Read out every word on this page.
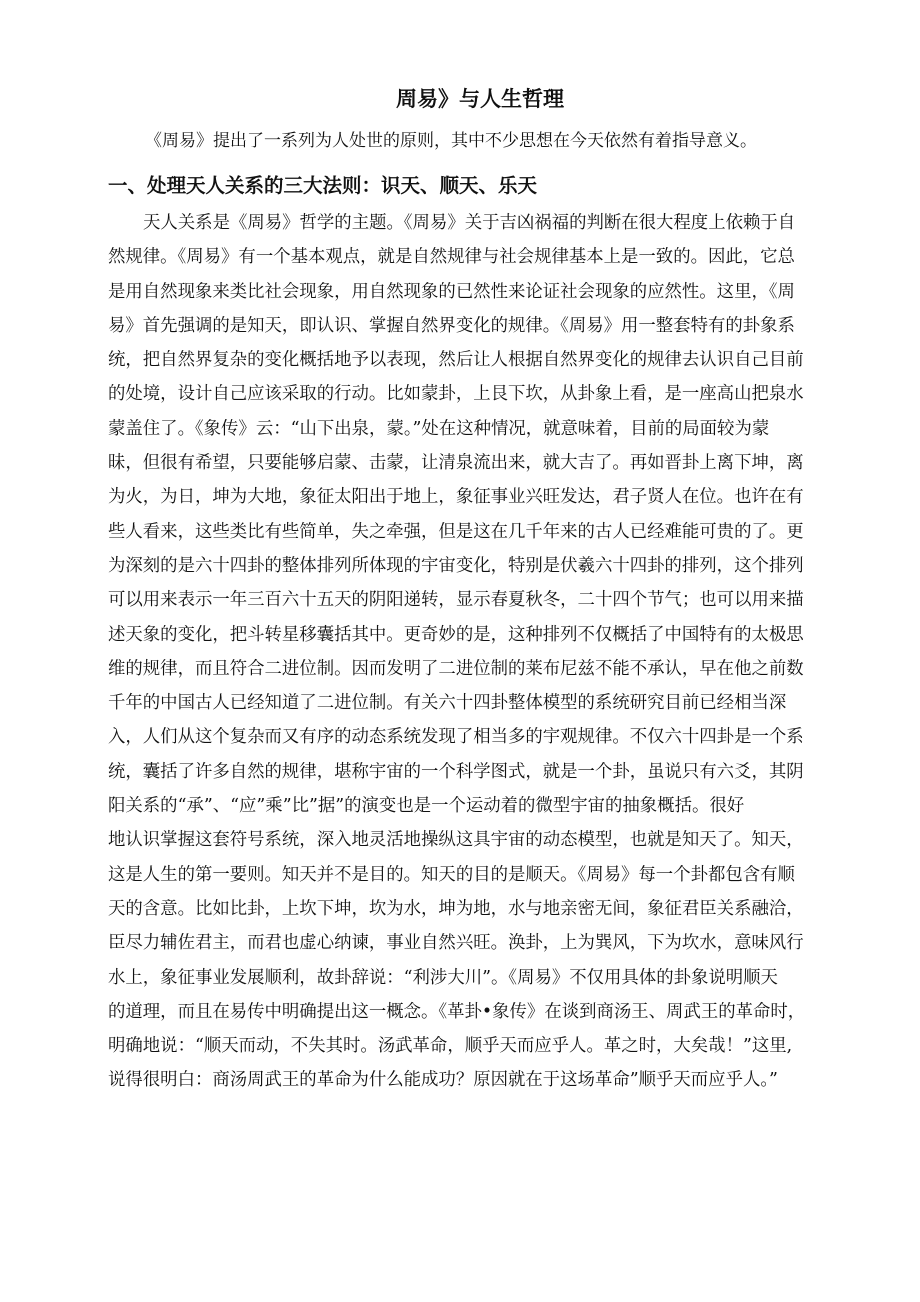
周易》与人生哲理

《周易》提出了一系列为人处世的原则，其中不少思想在今天依然有着指导意义。

一、处理天人关系的三大法则：识天、顺天、乐天
天人关系是《周易》哲学的主题。《周易》关于吉凶祸福的判断在很大程度上依赖于自
然规律。《周易》有一个基本观点，就是自然规律与社会规律基本上是一致的。因此，它总
是用自然现象来类比社会现象，用自然现象的已然性来论证社会现象的应然性。这里，《周
易》首先强调的是知天，即认识、掌握自然界变化的规律。《周易》用一整套特有的卦象系
统，把自然界复杂的变化概括地予以表现，然后让人根据自然界变化的规律去认识自己目前
的处境，设计自己应该采取的行动。比如蒙卦，上艮下坎，从卦象上看，是一座高山把泉水
蒙盖住了。《象传》云：“山下出泉，蒙。”处在这种情况，就意味着，目前的局面较为蒙
昧，但很有希望，只要能够启蒙、击蒙，让清泉流出来，就大吉了。再如晋卦上离下坤，离
为火，为日，坤为大地，象征太阳出于地上，象征事业兴旺发达，君子贤人在位。也许在有
些人看来，这些类比有些简单，失之牵强，但是这在几千年来的古人已经难能可贵的了。更
为深刻的是六十四卦的整体排列所体现的宇宙变化，特别是伏羲六十四卦的排列，这个排列
可以用来表示一年三百六十五天的阴阳递转，显示春夏秋冬，二十四个节气；也可以用来描
述天象的变化，把斗转星移囊括其中。更奇妙的是，这种排列不仅概括了中国特有的太极思
维的规律，而且符合二进位制。因而发明了二进位制的莱布尼兹不能不承认，早在他之前数
千年的中国古人已经知道了二进位制。有关六十四卦整体模型的系统研究目前已经相当深
入，人们从这个复杂而又有序的动态系统发现了相当多的宇观规律。不仅六十四卦是一个系
统，囊括了许多自然的规律，堪称宇宙的一个科学图式，就是一个卦，虽说只有六爻，其阴
阳关系的“承”、“应”乘”比”据”的演变也是一个运动着的微型宇宙的抽象概括。很好
地认识掌握这套符号系统，深入地灵活地操纵这具宇宙的动态模型，也就是知天了。知天，
这是人生的第一要则。知天并不是目的。知天的目的是顺天。《周易》每一个卦都包含有顺
天的含意。比如比卦，上坎下坤，坎为水，坤为地，水与地亲密无间，象征君臣关系融洽，
臣尽力辅佐君主，而君也虚心纳谏，事业自然兴旺。涣卦，上为巽风，下为坎水，意味风行
水上，象征事业发展顺利，故卦辞说：“利涉大川”。《周易》不仅用具体的卦象说明顺天
的道理，而且在易传中明确提出这一概念。《革卦•象传》在谈到商汤王、周武王的革命时，
明确地说：“顺天而动，不失其时。汤武革命，顺乎天而应乎人。革之时，大矣哉！”这里,
说得很明白：商汤周武王的革命为什么能成功？原因就在于这场革命”顺乎天而应乎人。”
